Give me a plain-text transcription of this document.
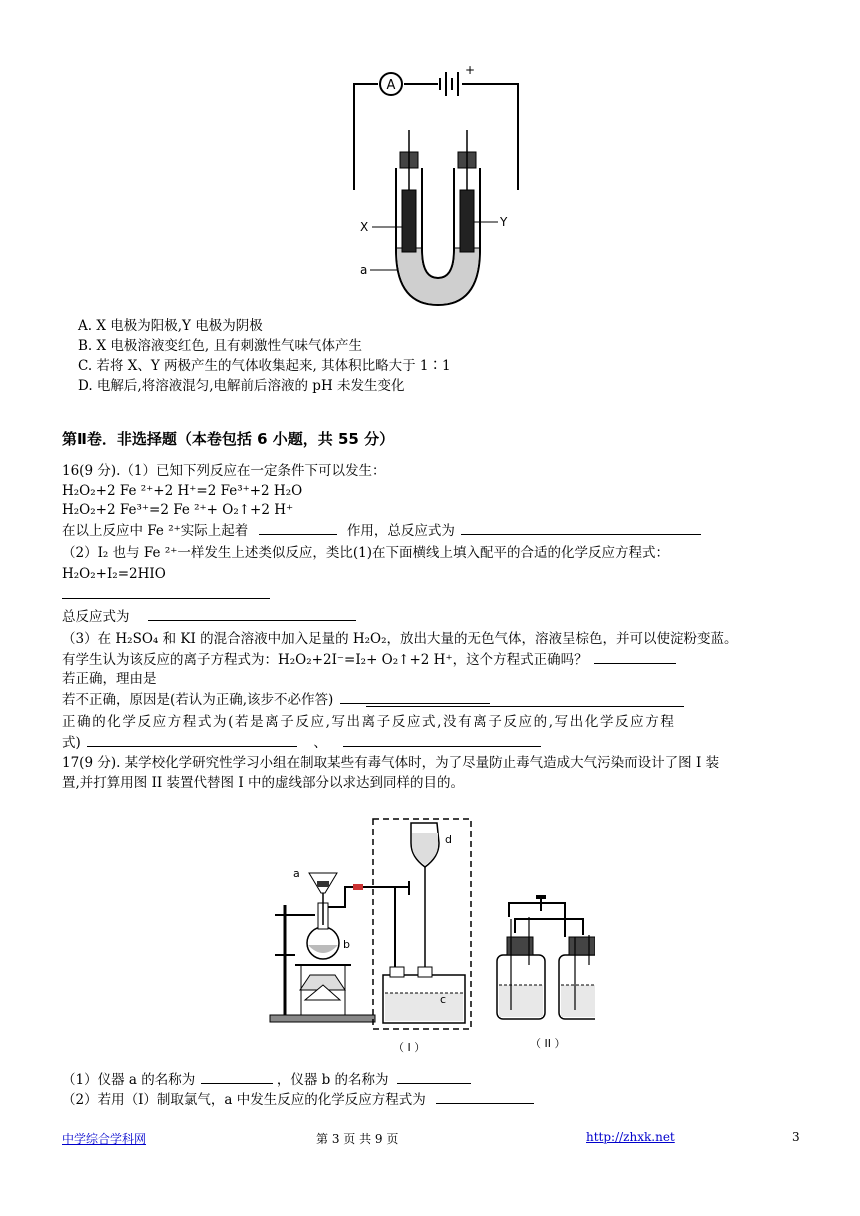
A
+
X	Y
a
A. X 电极为阳极,Y 电极为阴极
B. X 电极溶液变红色, 且有刺激性气味气体产生
C. 若将 X、Y 两极产生的气体收集起来, 其体积比略大于 1∶1
D. 电解后,将溶液混匀,电解前后溶液的 pH 未发生变化
第Ⅱ卷．非选择题（本卷包括 6 小题，共 55 分）
16(9 分).（1）已知下列反应在一定条件下可以发生：
H₂O₂+2 Fe ²⁺+2 H⁺=2 Fe³⁺+2 H₂O
H₂O₂+2 Fe³⁺=2 Fe ²⁺+ O₂↑+2 H⁺
在以上反应中 Fe ²⁺实际上起着	作用，总反应式为
（2）I₂ 也与 Fe ²⁺一样发生上述类似反应，类比(1)在下面横线上填入配平的合适的化学反应方程式：
H₂O₂+I₂=2HIO
总反应式为
（3）在 H₂SO₄ 和 KI 的混合溶液中加入足量的 H₂O₂，放出大量的无色气体，溶液呈棕色，并可以使淀粉变蓝。
有学生认为该反应的离子方程式为：H₂O₂+2I⁻=I₂+ O₂↑+2 H⁺，这个方程式正确吗？
若正确，理由是
若不正确，原因是(若认为正确,该步不必作答)
正确的化学反应方程式为(若是离子反应,写出离子反应式,没有离子反应的,写出化学反应方程
式)	、
17(9 分). 某学校化学研究性学习小组在制取某些有毒气体时，为了尽量防止毒气造成大气污染而设计了图 I 装
置,并打算用图 II 装置代替图 I 中的虚线部分以求达到同样的目的。
a
b
d
c
（ I ）	（ II ）
（1）仪器 a 的名称为	，仪器 b 的名称为
（2）若用（I）制取氯气，a 中发生反应的化学反应方程式为
中学综合学科网	第 3 页 共 9 页	http://zhxk.net	3
